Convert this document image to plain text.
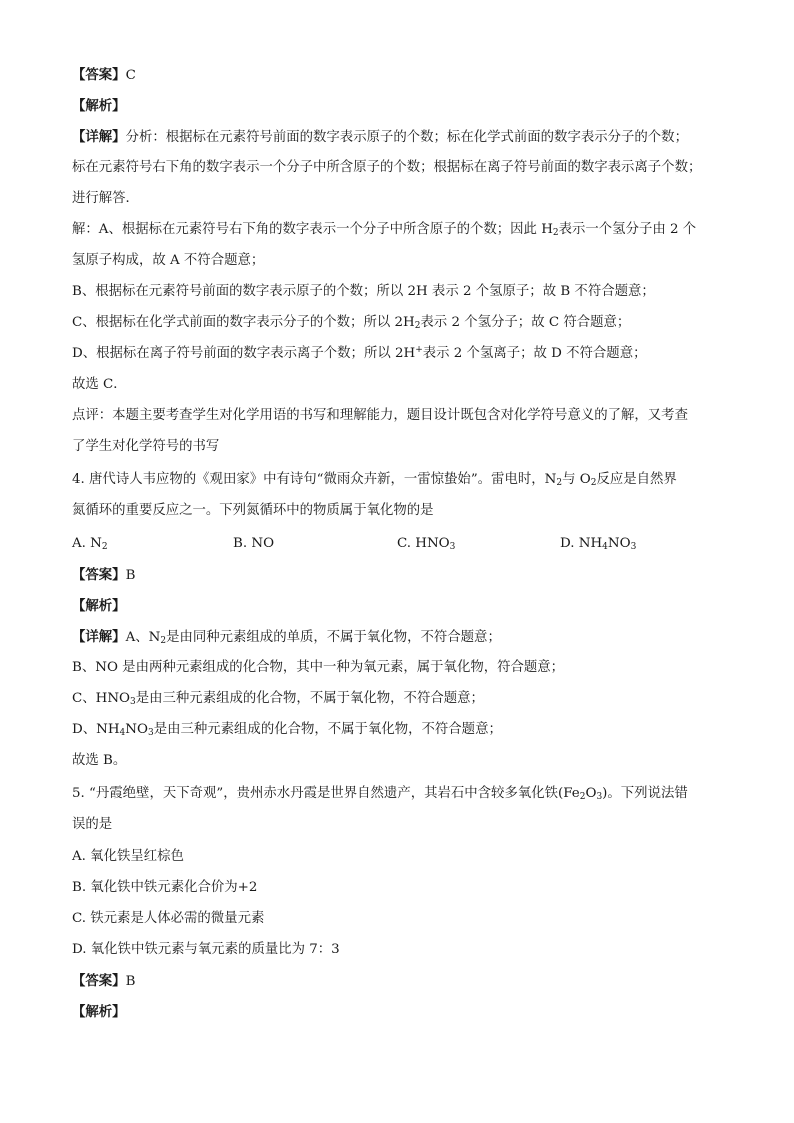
【答案】C
【解析】
【详解】分析：根据标在元素符号前面的数字表示原子的个数；标在化学式前面的数字表示分子的个数；
标在元素符号右下角的数字表示一个分子中所含原子的个数；根据标在离子符号前面的数字表示离子个数；
进行解答．
解：A、根据标在元素符号右下角的数字表示一个分子中所含原子的个数；因此 $H_2$表示一个氢分子由 2 个
氢原子构成，故 A 不符合题意；
B、根据标在元素符号前面的数字表示原子的个数；所以 2H 表示 2 个氢原子；故 B 不符合题意；
C、根据标在化学式前面的数字表示分子的个数；所以 $2H_2$表示 2 个氢分子；故 C 符合题意；
D、根据标在离子符号前面的数字表示离子个数；所以 2H+表示 2 个氢离子；故 D 不符合题意；
故选 C．
点评：本题主要考查学生对化学用语的书写和理解能力，题目设计既包含对化学符号意义的了解，又考查
了学生对化学符号的书写
4. 唐代诗人韦应物的《观田家》中有诗句“微雨众卉新，一雷惊蛰始”。雷电时，$N_2$与 $O_2$反应是自然界
氮循环的重要反应之一。下列氮循环中的物质属于氧化物的是
A. $N_2$	B. NO	C. $HNO_3$	D. $NH_4NO_3$
【答案】B
【解析】
【详解】A、$N_2$是由同种元素组成的单质，不属于氧化物，不符合题意；
B、NO 是由两种元素组成的化合物，其中一种为氧元素，属于氧化物，符合题意；
C、$HNO_3$是由三种元素组成的化合物，不属于氧化物，不符合题意；
D、$NH_4NO_3$是由三种元素组成的化合物，不属于氧化物，不符合题意；
故选 B。
5. “丹霞绝壁，天下奇观”，贵州赤水丹霞是世界自然遗产，其岩石中含较多氧化铁$(Fe_2O_3)$。下列说法错
误的是
A. 氧化铁呈红棕色
B. 氧化铁中铁元素化合价为+2
C. 铁元素是人体必需的微量元素
D. 氧化铁中铁元素与氧元素的质量比为 7：3
【答案】B
【解析】
